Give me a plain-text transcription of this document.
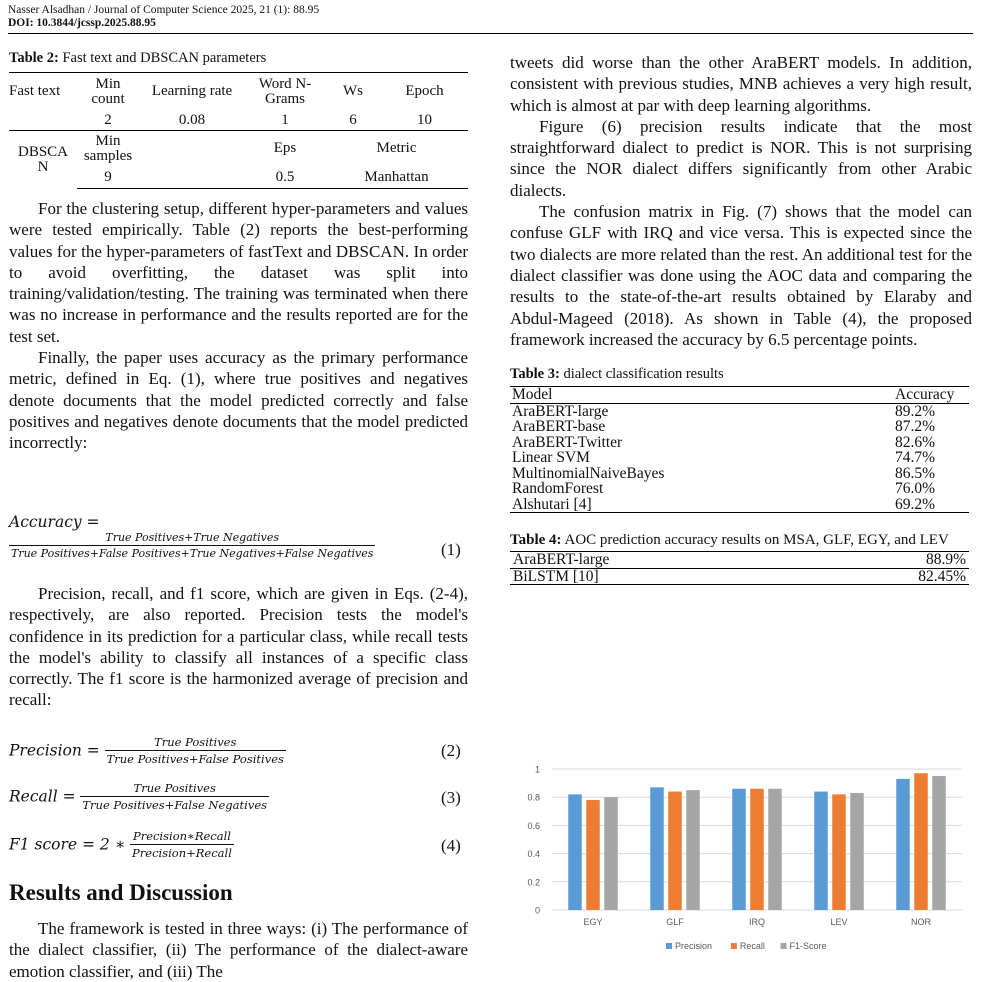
Nasser Alsadhan / Journal of Computer Science 2025, 21 (1): 88.95
DOI: 10.3844/jcssp.2025.88.95
Table 2: Fast text and DBSCAN parameters
Fast text	Min count	Learning rate	Word N-Grams	Ws	Epoch
	2	0.08	1	6	10
DBSCA
N	Min samples		Eps	Metric	
	9		0.5	Manhattan	

For the clustering setup, different hyper-parameters and values were tested empirically. Table (2) reports the best-performing values for the hyper-parameters of fastText and DBSCAN. In order to avoid overfitting, the dataset was split into training/validation/testing. The training was terminated when there was no increase in performance and the results reported are for the test set.

Finally, the paper uses accuracy as the primary performance metric, defined in Eq. (1), where true positives and negatives denote documents that the model predicted correctly and false positives and negatives denote documents that the model predicted incorrectly:

Accuracy =
True Positives+True Negatives
True Positives+False Positives+True Negatives+False Negatives	(1)

Precision, recall, and f1 score, which are given in Eqs. (2-4), respectively, are also reported. Precision tests the model's confidence in its prediction for a particular class, while recall tests the model's ability to classify all instances of a specific class correctly. The f1 score is the harmonized average of precision and recall:

Precision = $\frac{\text{True Positives}}{\text{True Positives+False Positives}}$	(2)
Recall = $\frac{\text{True Positives}}{\text{True Positives+False Negatives}}$	(3)
F1 score = 2 ∗ $\frac{\text{Precision∗Recall}}{\text{Precision+Recall}}$	(4)
Results and Discussion

The framework is tested in three ways: (i) The performance of the dialect classifier, (ii) The performance of the dialect-aware emotion classifier, and (iii) The

tweets did worse than the other AraBERT models. In addition, consistent with previous studies, MNB achieves a very high result, which is almost at par with deep learning algorithms.

Figure (6) precision results indicate that the most straightforward dialect to predict is NOR. This is not surprising since the NOR dialect differs significantly from other Arabic dialects.

The confusion matrix in Fig. (7) shows that the model can confuse GLF with IRQ and vice versa. This is expected since the two dialects are more related than the rest. An additional test for the dialect classifier was done using the AOC data and comparing the results to the state-of-the-art results obtained by Elaraby and Abdul-Mageed (2018). As shown in Table (4), the proposed framework increased the accuracy by 6.5 percentage points.

Table 3: dialect classification results
Model	Accuracy
AraBERT-large	89.2%
AraBERT-base	87.2%
AraBERT-Twitter	82.6%
Linear SVM	74.7%
MultinomialNaiveBayes	86.5%
RandomForest	76.0%
Alshutari [4]	69.2%
Table 4: AOC prediction accuracy results on MSA, GLF, EGY, and LEV
AraBERT-large	88.9%
BiLSTM [10]	82.45%
0
0.2
0.4
0.6
0.8
1
EGY	GLF	IRQ	LEV	NOR
Precision	Recall	F1-Score
